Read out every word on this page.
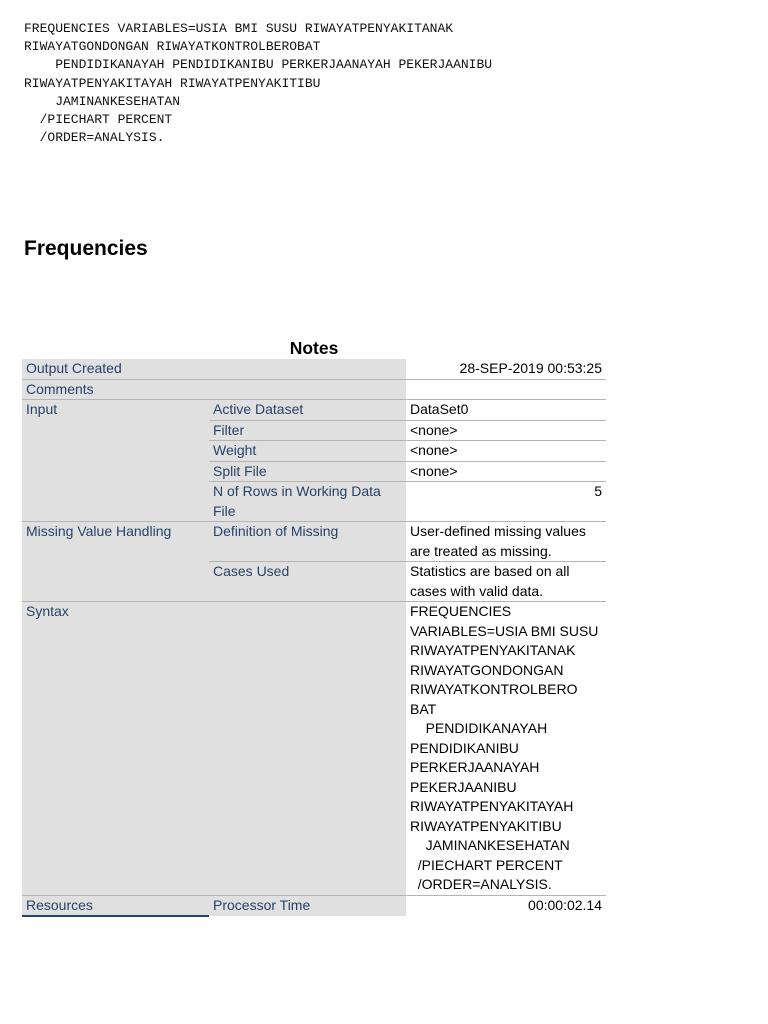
FREQUENCIES VARIABLES=USIA BMI SUSU RIWAYATPENYAKITANAK
RIWAYATGONDONGAN RIWAYATKONTROLBEROBAT
PENDIDIKANAYAH PENDIDIKANIBU PERKERJAANAYAH PEKERJAANIBU
RIWAYATPENYAKITAYAH RIWAYATPENYAKITIBU
JAMINANKESEHATAN
/PIECHART PERCENT
/ORDER=ANALYSIS.
Frequencies
Notes
Output Created		28-SEP-2019 00:53:25
Comments		
Input	Active Dataset	DataSet0
	Filter	<none>
	Weight	<none>
	Split File	<none>
	N of Rows in Working Data File	5
Missing Value Handling	Definition of Missing	User-defined missing values are treated as missing.
	Cases Used	Statistics are based on all cases with valid data.
Syntax		FREQUENCIES VARIABLES=USIA BMI SUSU RIWAYATPENYAKITANAK RIWAYATGONDONGAN RIWAYATKONTROLBERO BAT
PENDIDIKANAYAH PENDIDIKANIBU PERKERJAANAYAH PEKERJAANIBU RIWAYATPENYAKITAYAH RIWAYATPENYAKITIBU
JAMINANKESEHATAN
/PIECHART PERCENT
/ORDER=ANALYSIS.
Resources	Processor Time	00:00:02.14
